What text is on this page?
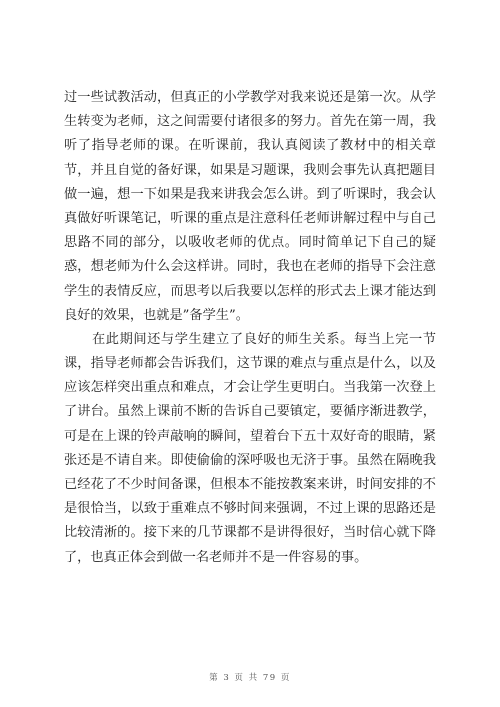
过一些试教活动，但真正的小学教学对我来说还是第一次。从学
生转变为老师，这之间需要付诸很多的努力。首先在第一周，我
听了指导老师的课。在听课前，我认真阅读了教材中的相关章
节，并且自觉的备好课，如果是习题课，我则会事先认真把题目
做一遍，想一下如果是我来讲我会怎么讲。到了听课时，我会认
真做好听课笔记，听课的重点是注意科任老师讲解过程中与自己
思路不同的部分，以吸收老师的优点。同时简单记下自己的疑
惑，想老师为什么会这样讲。同时，我也在老师的指导下会注意
学生的表情反应，而思考以后我要以怎样的形式去上课才能达到
良好的效果，也就是”备学生”。
在此期间还与学生建立了良好的师生关系。每当上完一节
课，指导老师都会告诉我们，这节课的难点与重点是什么，以及
应该怎样突出重点和难点，才会让学生更明白。当我第一次登上
了讲台。虽然上课前不断的告诉自己要镇定，要循序渐进教学，
可是在上课的铃声敲响的瞬间，望着台下五十双好奇的眼睛，紧
张还是不请自来。即使偷偷的深呼吸也无济于事。虽然在隔晚我
已经花了不少时间备课，但根本不能按教案来讲，时间安排的不
是很恰当，以致于重难点不够时间来强调，不过上课的思路还是
比较清淅的。接下来的几节课都不是讲得很好，当时信心就下降
了，也真正体会到做一名老师并不是一件容易的事。
第 3 页 共 79 页
